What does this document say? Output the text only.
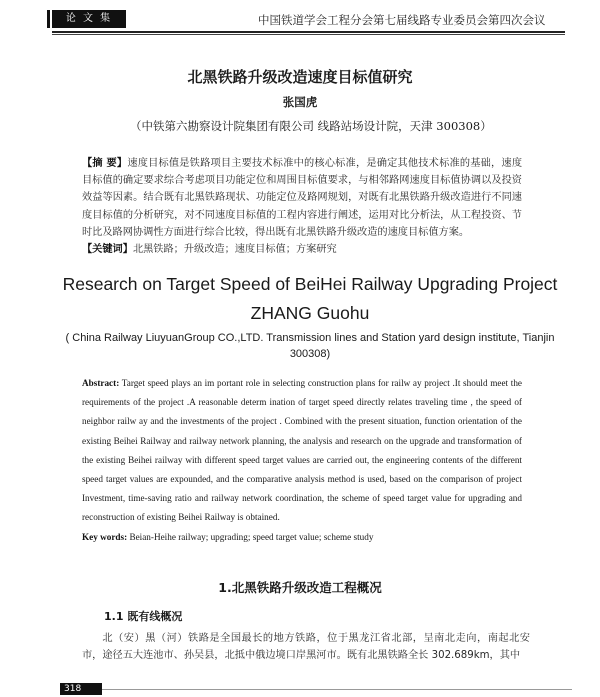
论 文 集	中国铁道学会工程分会第七届线路专业委员会第四次会议
北黑铁路升级改造速度目标值研究
张国虎
（中铁第六勘察设计院集团有限公司 线路站场设计院，天津 300308）

【摘 要】速度目标值是铁路项目主要技术标准中的核心标准，是确定其他技术标准的基础，速度目标值的确定要求综合考虑项目功能定位和周围目标值要求，与相邻路网速度目标值协调以及投资效益等因素。结合既有北黑铁路现状、功能定位及路网规划，对既有北黑铁路升级改造进行不同速度目标值的分析研究，对不同速度目标值的工程内容进行阐述，运用对比分析法，从工程投资、节时比及路网协调性方面进行综合比较，得出既有北黑铁路升级改造的速度目标值方案。

【关键词】北黑铁路；升级改造；速度目标值；方案研究

Research on Target Speed of BeiHei Railway Upgrading Project
ZHANG Guohu
( China Railway LiuyuanGroup CO.,LTD. Transmission lines and Station yard design institute, Tianjin 300308)

Abstract: Target speed plays an im portant role in selecting construction plans for railw ay project .It should meet the requirements of the project .A reasonable determ ination of target speed directly relates traveling time , the speed of neighbor railw ay and the investments of the project . Combined with the present situation, function orientation of the existing Beihei Railway and railway network planning, the analysis and research on the upgrade and transformation of the existing Beihei railway with different speed target values are carried out, the engineering contents of the different speed target values are expounded, and the comparative analysis method is used, based on the comparison of project Investment, time-saving ratio and railway network coordination, the scheme of speed target value for upgrading and reconstruction of existing Beihei Railway is obtained.

Key words: Beian-Heihe railway; upgrading; speed target value; scheme study

1.北黑铁路升级改造工程概况
1.1 既有线概况

北（安）黑（河）铁路是全国最长的地方铁路，位于黑龙江省北部，呈南北走向，南起北安市，途径五大连池市、孙吴县，北抵中俄边境口岸黑河市。既有北黑铁路全长 302.689km，其中

318
